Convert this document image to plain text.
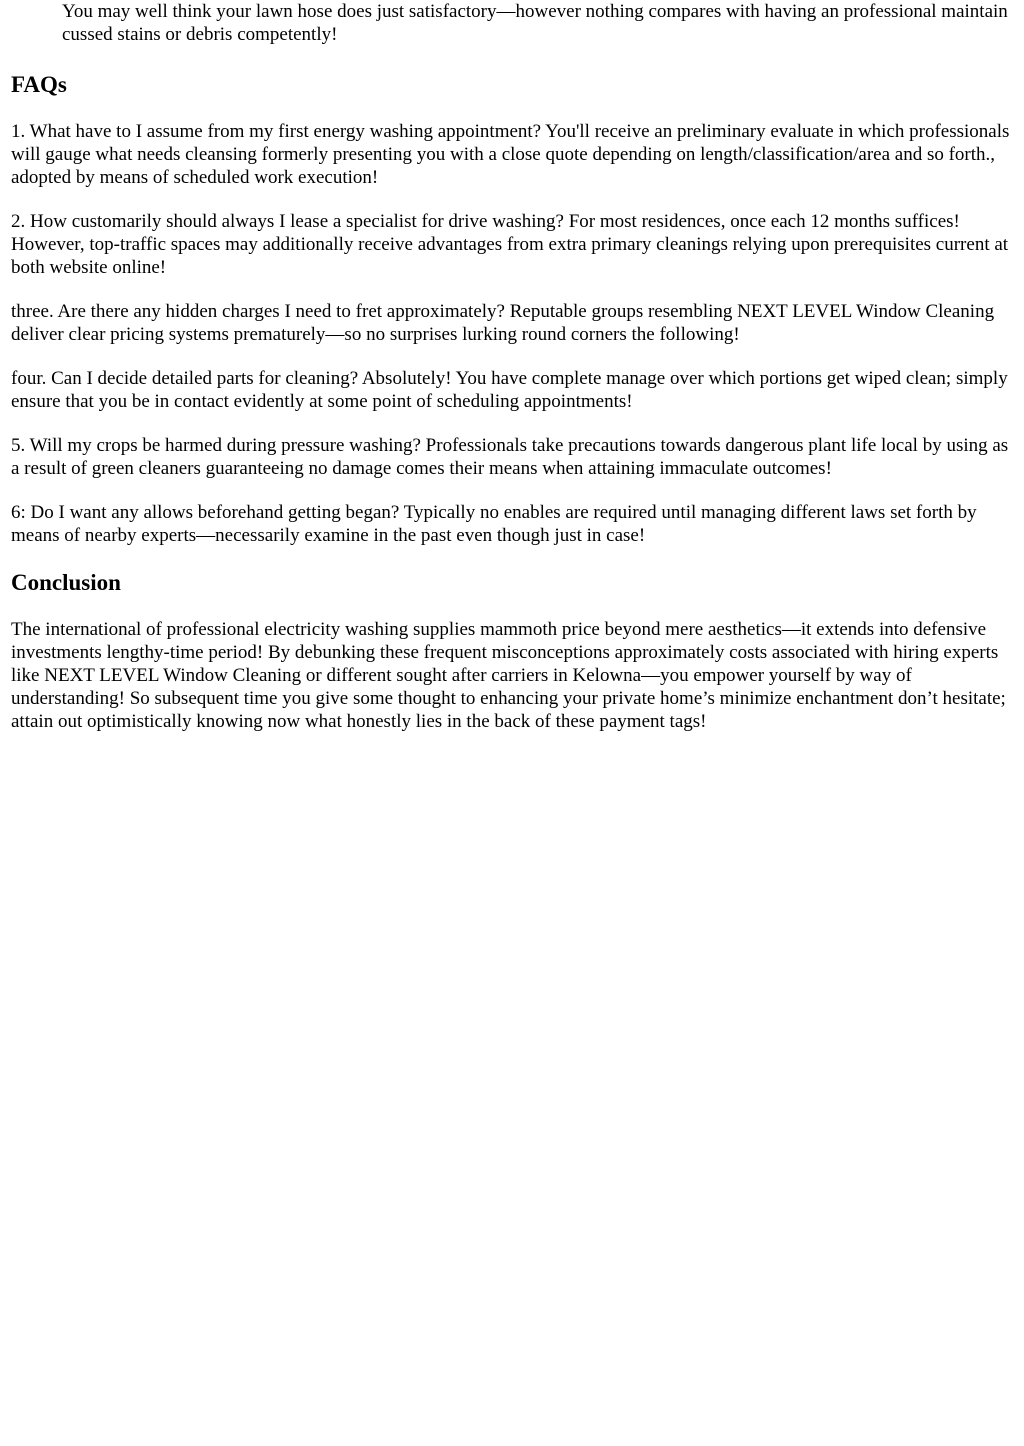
You may well think your lawn hose does just satisfactory—however nothing compares with having an professional maintain cussed stains or debris competently!

FAQs

1. What have to I assume from my first energy washing appointment? You'll receive an preliminary evaluate in which professionals will gauge what needs cleansing formerly presenting you with a close quote depending on length/classification/area and so forth., adopted by means of scheduled work execution!

2. How customarily should always I lease a specialist for drive washing? For most residences, once each 12 months suffices! However, top-traffic spaces may additionally receive advantages from extra primary cleanings relying upon prerequisites current at both website online!

three. Are there any hidden charges I need to fret approximately? Reputable groups resembling NEXT LEVEL Window Cleaning deliver clear pricing systems prematurely—so no surprises lurking round corners the following!

four. Can I decide detailed parts for cleaning? Absolutely! You have complete manage over which portions get wiped clean; simply ensure that you be in contact evidently at some point of scheduling appointments!

5. Will my crops be harmed during pressure washing? Professionals take precautions towards dangerous plant life local by using as a result of green cleaners guaranteeing no damage comes their means when attaining immaculate outcomes!

6: Do I want any allows beforehand getting began? Typically no enables are required until managing different laws set forth by means of nearby experts—necessarily examine in the past even though just in case!

Conclusion

The international of professional electricity washing supplies mammoth price beyond mere aesthetics—it extends into defensive investments lengthy-time period! By debunking these frequent misconceptions approximately costs associated with hiring experts like NEXT LEVEL Window Cleaning or different sought after carriers in Kelowna—you empower yourself by way of understanding! So subsequent time you give some thought to enhancing your private home’s minimize enchantment don’t hesitate; attain out optimistically knowing now what honestly lies in the back of these payment tags!
